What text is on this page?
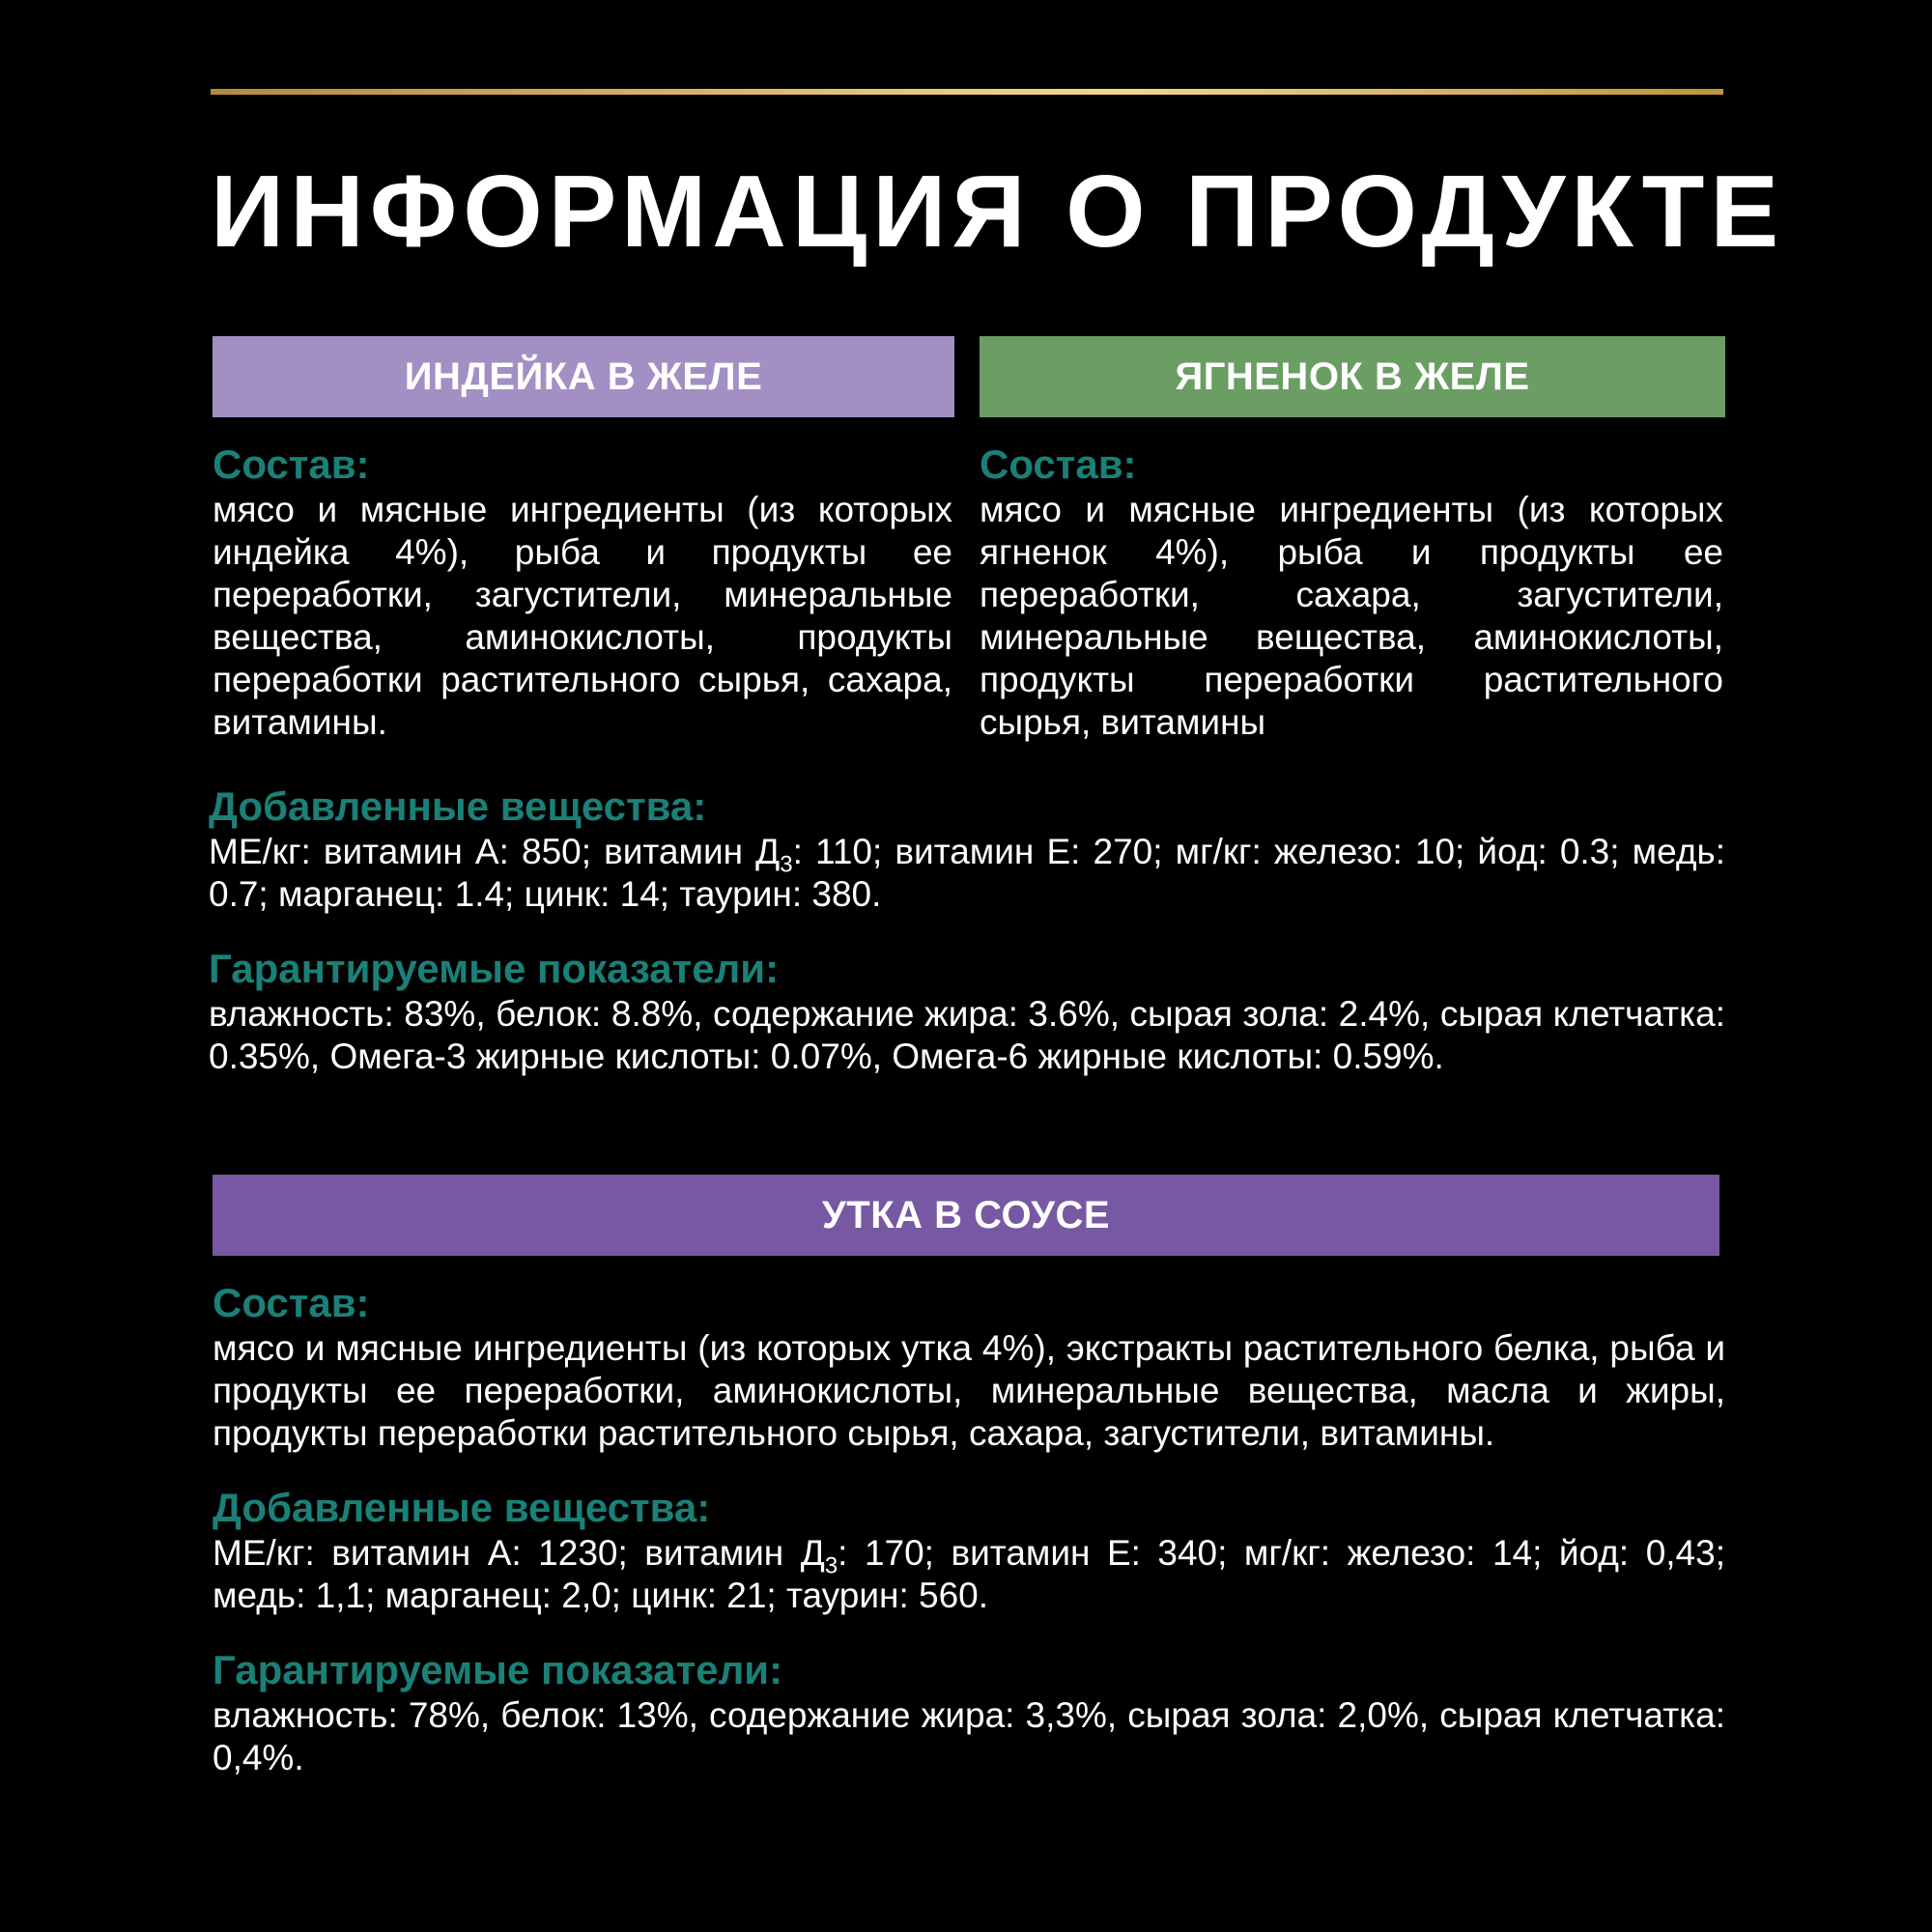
ИНФОРМАЦИЯ О ПРОДУКТЕ
ИНДЕЙКА В ЖЕЛЕ	ЯГНЕНОК В ЖЕЛЕ

Состав:

мясо и мясные ингредиенты (из которых индейка 4%), рыба и продукты ее переработки, загустители, минеральные вещества, аминокислоты, продукты переработки растительного сырья, сахара, витамины.

Состав:

мясо и мясные ингредиенты (из которых ягненок 4%), рыба и продукты ее переработки, сахара, загустители, минеральные вещества, аминокислоты, продукты переработки растительного сырья, витамины

Добавленные вещества:

МЕ/кг: витамин А: 850; витамин $Д_3$: 110; витамин Е: 270; мг/кг: железо: 10; йод: 0.3; медь: 0.7; марганец: 1.4; цинк: 14; таурин: 380.

Гарантируемые показатели:

влажность: 83%, белок: 8.8%, содержание жира: 3.6%, сырая зола: 2.4%, сырая клетчатка: 0.35%, Омега-3 жирные кислоты: 0.07%, Омега-6 жирные кислоты: 0.59%.

УТКА В СОУСЕ

Состав:

мясо и мясные ингредиенты (из которых утка 4%), экстракты растительного белка, рыба и продукты ее переработки, аминокислоты, минеральные вещества, масла и жиры, продукты переработки растительного сырья, сахара, загустители, витамины.

Добавленные вещества:

МЕ/кг: витамин А: 1230; витамин $Д_3$: 170; витамин Е: 340; мг/кг: железо: 14; йод: 0,43; медь: 1,1; марганец: 2,0; цинк: 21; таурин: 560.

Гарантируемые показатели:

влажность: 78%, белок: 13%, содержание жира: 3,3%, сырая зола: 2,0%, сырая клетчатка: 0,4%.
